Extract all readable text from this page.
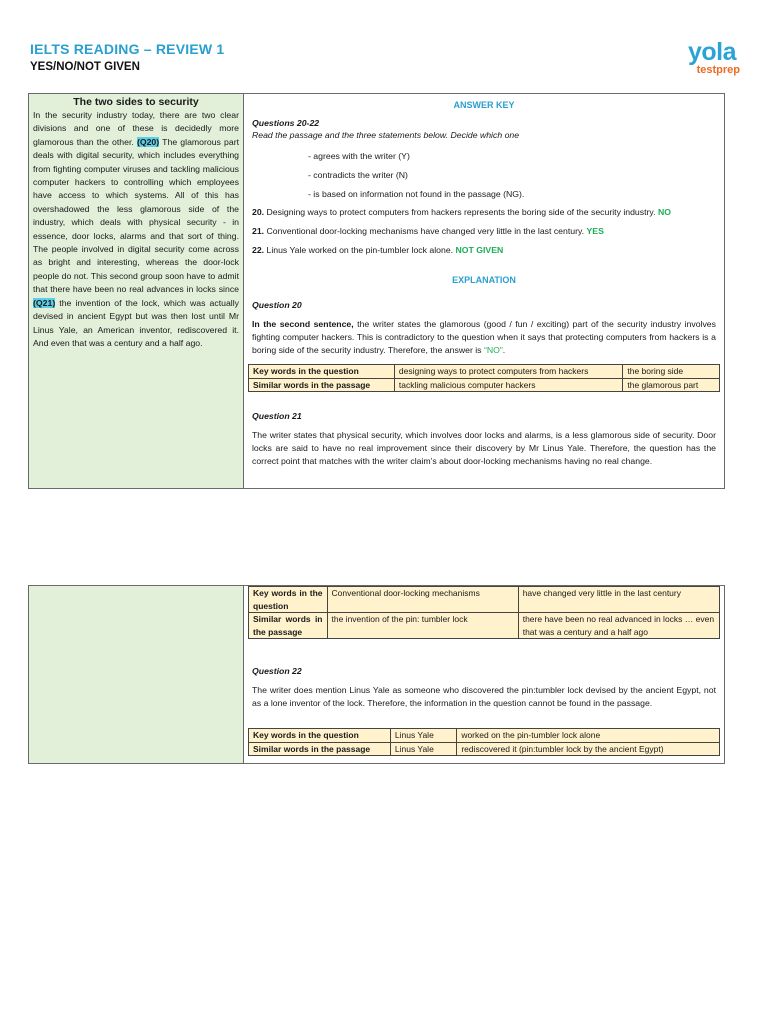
IELTS READING – REVIEW 1
YES/NO/NOT GIVEN
yola
testprep
The two sides to security
In the security industry today, there are two clear divisions and one of these is decidedly more glamorous than the other. (Q20) The glamorous part deals with digital security, which includes everything from fighting computer viruses and tackling malicious computer hackers to controlling which employees have access to which systems. All of this has overshadowed the less glamorous side of the industry, which deals with physical security - in essence, door locks, alarms and that sort of thing. The people involved in digital security come across as bright and interesting, whereas the door-lock people do not. This second group soon have to admit that there have been no real advances in locks since (Q21) the invention of the lock, which was actually devised in ancient Egypt but was then lost until Mr Linus Yale, an American inventor, rediscovered it. And even that was a century and a half ago.
ANSWER KEY

Questions 20-22

Read the passage and the three statements below. Decide which one

- agrees with the writer (Y)

- contradicts the writer (N)

- is based on information not found in the passage (NG).

20. Designing ways to protect computers from hackers represents the boring side of the security industry. NO

21. Conventional door-locking mechanisms have changed very little in the last century. YES

22. Linus Yale worked on the pin-tumbler lock alone. NOT GIVEN

EXPLANATION

Question 20

In the second sentence, the writer states the glamorous (good / fun / exciting) part of the security industry involves fighting computer hackers. This is contradictory to the question when it says that protecting computers from hackers is a boring side of the security industry. Therefore, the answer is “NO”.

Key words in the question	designing ways to protect computers from hackers	the boring side
Similar words in the passage	tackling malicious computer hackers	the glamorous part

Question 21

The writer states that physical security, which involves door locks and alarms, is a less glamorous side of security. Door locks are said to have no real improvement since their discovery by Mr Linus Yale. Therefore, the question has the correct point that matches with the writer claim’s about door-locking mechanisms having no real change.

Key words in the question	Conventional door-locking mechanisms	have changed very little in the last century
Similar words in the passage	the invention of the pin: tumbler lock	there have been no real advanced in locks … even that was a century and a half ago

Question 22

The writer does mention Linus Yale as someone who discovered the pin:tumbler lock devised by the ancient Egypt, not as a lone inventor of the lock. Therefore, the information in the question cannot be found in the passage.

Key words in the question	Linus Yale	worked on the pin-tumbler lock alone
Similar words in the passage	Linus Yale	rediscovered it (pin:tumbler lock by the ancient Egypt)
